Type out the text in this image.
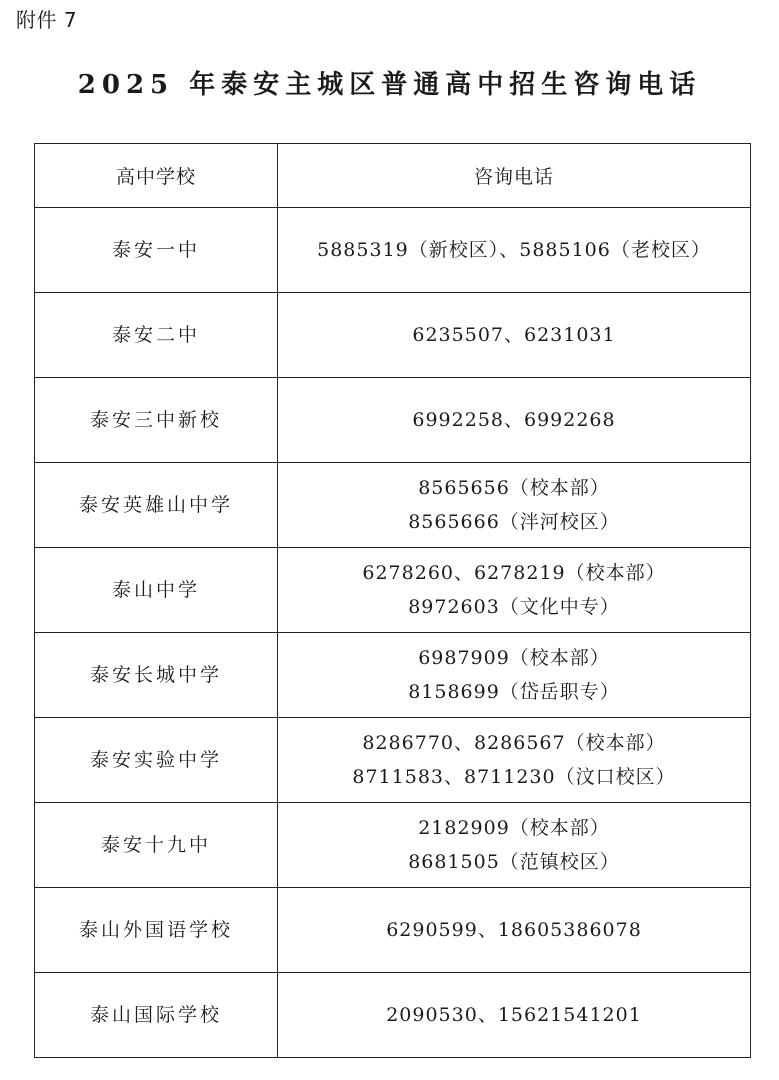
附件 7
2025 年泰安主城区普通高中招生咨询电话
高中学校	咨询电话
泰安一中	5885319（新校区）、5885106（老校区）

泰安二中	6235507、6231031

泰安三中新校	6992258、6992268

泰安英雄山中学	8565656（校本部）
8565666（泮河校区）

泰山中学	6278260、6278219（校本部）
8972603（文化中专）

泰安长城中学	6987909（校本部）
8158699（岱岳职专）

泰安实验中学	8286770、8286567（校本部）
8711583、8711230（汶口校区）

泰安十九中	2182909（校本部）
8681505（范镇校区）

泰山外国语学校	6290599、18605386078

泰山国际学校	2090530、15621541201
